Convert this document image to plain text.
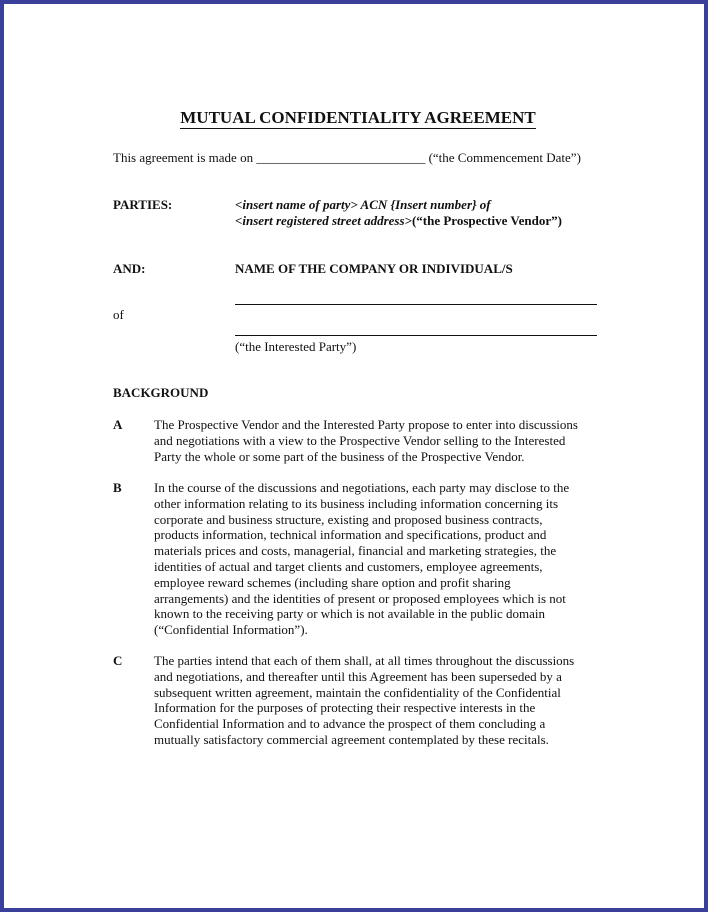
MUTUAL CONFIDENTIALITY AGREEMENT
This agreement is made on __________________________ (“the Commencement Date”)
PARTIES:	<insert name of party> ACN {Insert number} of
<insert registered street address>(“the Prospective Vendor”)
AND:	NAME OF THE COMPANY OR INDIVIDUAL/S
of
(“the Interested Party”)
BACKGROUND
A The Prospective Vendor and the Interested Party propose to enter into discussions

and negotiations with a view to the Prospective Vendor selling to the Interested

Party the whole or some part of the business of the Prospective Vendor.

B In the course of the discussions and negotiations, each party may disclose to the

other information relating to its business including information concerning its

corporate and business structure, existing and proposed business contracts,

products information, technical information and specifications, product and

materials prices and costs, managerial, financial and marketing strategies, the

identities of actual and target clients and customers, employee agreements,

employee reward schemes (including share option and profit sharing

arrangements) and the identities of present or proposed employees which is not

known to the receiving party or which is not available in the public domain

(“Confidential Information”).

C The parties intend that each of them shall, at all times throughout the discussions

and negotiations, and thereafter until this Agreement has been superseded by a

subsequent written agreement, maintain the confidentiality of the Confidential

Information for the purposes of protecting their respective interests in the

Confidential Information and to advance the prospect of them concluding a

mutually satisfactory commercial agreement contemplated by these recitals.
